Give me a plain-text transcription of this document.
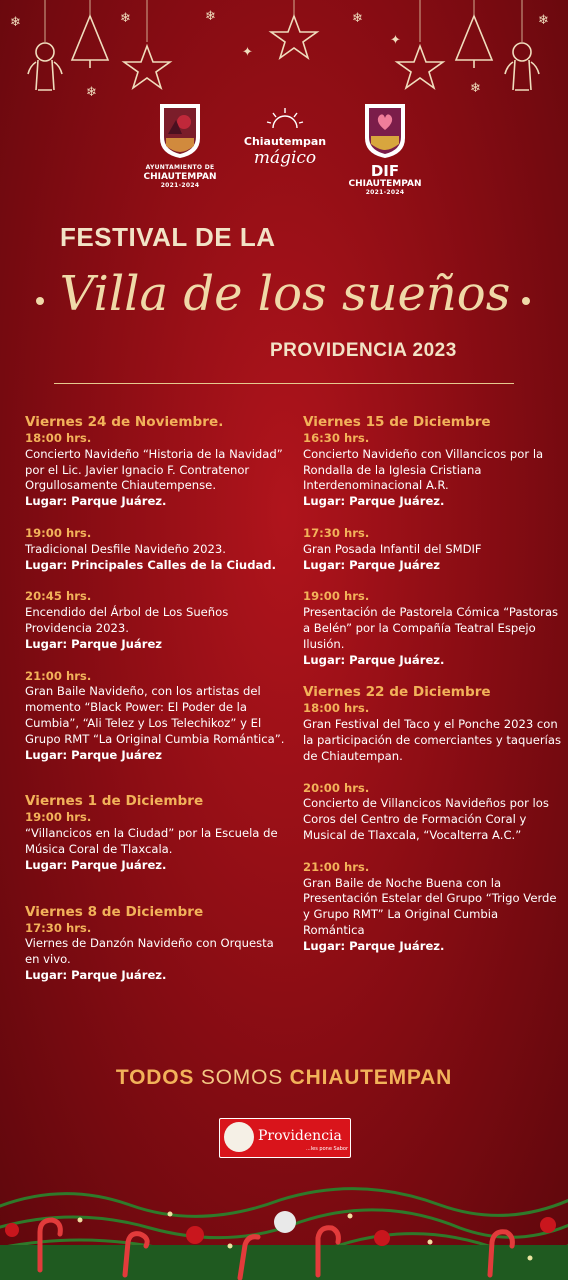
❄	❄	❄	❄	❄
❄	❄
✦
✦
AYUNTAMIENTO DE
CHIAUTEMPAN
2021-2024
Chiautempan
mágico
DIF
CHIAUTEMPAN
2021-2024
FESTIVAL DE LA
Villa de los sueños
PROVIDENCIA 2023
Viernes 24 de Noviembre.
18:00 hrs.
Concierto Navideño “Historia de la Navidad” por el Lic. Javier Ignacio F. Contratenor Orgullosamente Chiautempense.
Lugar: Parque Juárez.
19:00 hrs.
Tradicional Desfile Navideño 2023.
Lugar: Principales Calles de la Ciudad.
20:45 hrs.
Encendido del Árbol de Los Sueños Providencia 2023.
Lugar: Parque Juárez
21:00 hrs.
Gran Baile Navideño, con los artistas del momento “Black Power: El Poder de la Cumbia”, “Ali Telez y Los Telechikoz” y El Grupo RMT “La Original Cumbia Romántica”.
Lugar: Parque Juárez
Viernes 1 de Diciembre
19:00 hrs.
“Villancicos en la Ciudad” por la Escuela de Música Coral de Tlaxcala.
Lugar: Parque Juárez.
Viernes 8 de Diciembre
17:30 hrs.
Viernes de Danzón Navideño con Orquesta en vivo.
Lugar: Parque Juárez.
Viernes 15 de Diciembre
16:30 hrs.
Concierto Navideño con Villancicos por la Rondalla de la Iglesia Cristiana Interdenominacional A.R.
Lugar: Parque Juárez.
17:30 hrs.
Gran Posada Infantil del SMDIF
Lugar: Parque Juárez
19:00 hrs.
Presentación de Pastorela Cómica “Pastoras a Belén” por la Compañía Teatral Espejo Ilusión.
Lugar: Parque Juárez.
Viernes 22 de Diciembre
18:00 hrs.
Gran Festival del Taco y el Ponche 2023 con la participación de comerciantes y taquerías de Chiautempan.
20:00 hrs.
Concierto de Villancicos Navideños por los Coros del Centro de Formación Coral y Musical de Tlaxcala, “Vocalterra A.C.”
21:00 hrs.
Gran Baile de Noche Buena con la Presentación Estelar del Grupo “Trigo Verde y Grupo RMT” La Original Cumbia Romántica
Lugar: Parque Juárez.
TODOS SOMOS CHIAUTEMPAN
Providencia
...les pone Sabor
